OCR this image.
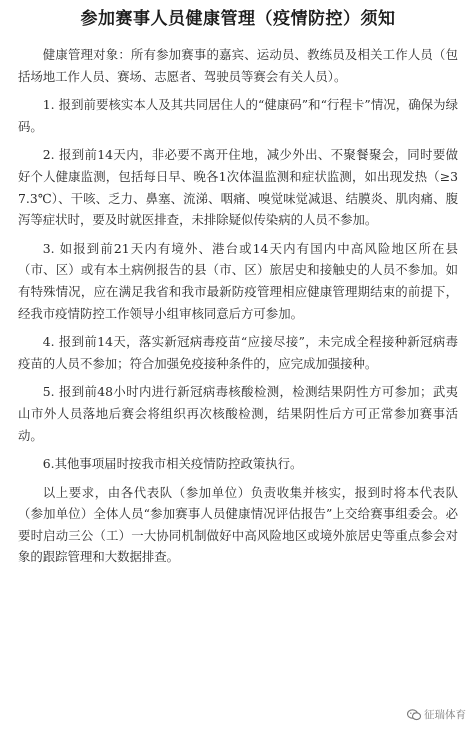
参加赛事人员健康管理（疫情防控）须知

健康管理对象：所有参加赛事的嘉宾、运动员、教练员及相关工作人员（包括场地工作人员、赛场、志愿者、驾驶员等赛会有关人员）。

1. 报到前要核实本人及其共同居住人的“健康码”和“行程卡”情况，确保为绿码。

2. 报到前14天内，非必要不离开住地，减少外出、不聚餐聚会，同时要做好个人健康监测，包括每日早、晚各1次体温监测和症状监测，如出现发热（≥37.3℃）、干咳、乏力、鼻塞、流涕、咽痛、嗅觉味觉减退、结膜炎、肌肉痛、腹泻等症状时，要及时就医排查，未排除疑似传染病的人员不参加。

3. 如报到前21天内有境外、港台或14天内有国内中高风险地区所在县（市、区）或有本土病例报告的县（市、区）旅居史和接触史的人员不参加。如有特殊情况，应在满足我省和我市最新防疫管理相应健康管理期结束的前提下，经我市疫情防控工作领导小组审核同意后方可参加。

4. 报到前14天，落实新冠病毒疫苗“应接尽接”，未完成全程接种新冠病毒疫苗的人员不参加；符合加强免疫接种条件的，应完成加强接种。

5. 报到前48小时内进行新冠病毒核酸检测，检测结果阴性方可参加；武夷山市外人员落地后赛会将组织再次核酸检测，结果阴性后方可正常参加赛事活动。

6.其他事项届时按我市相关疫情防控政策执行。

以上要求，由各代表队（参加单位）负责收集并核实，报到时将本代表队（参加单位）全体人员“参加赛事人员健康情况评估报告”上交给赛事组委会。必要时启动三公（工）一大协同机制做好中高风险地区或境外旅居史等重点参会对象的跟踪管理和大数据排查。

征瑞体育
